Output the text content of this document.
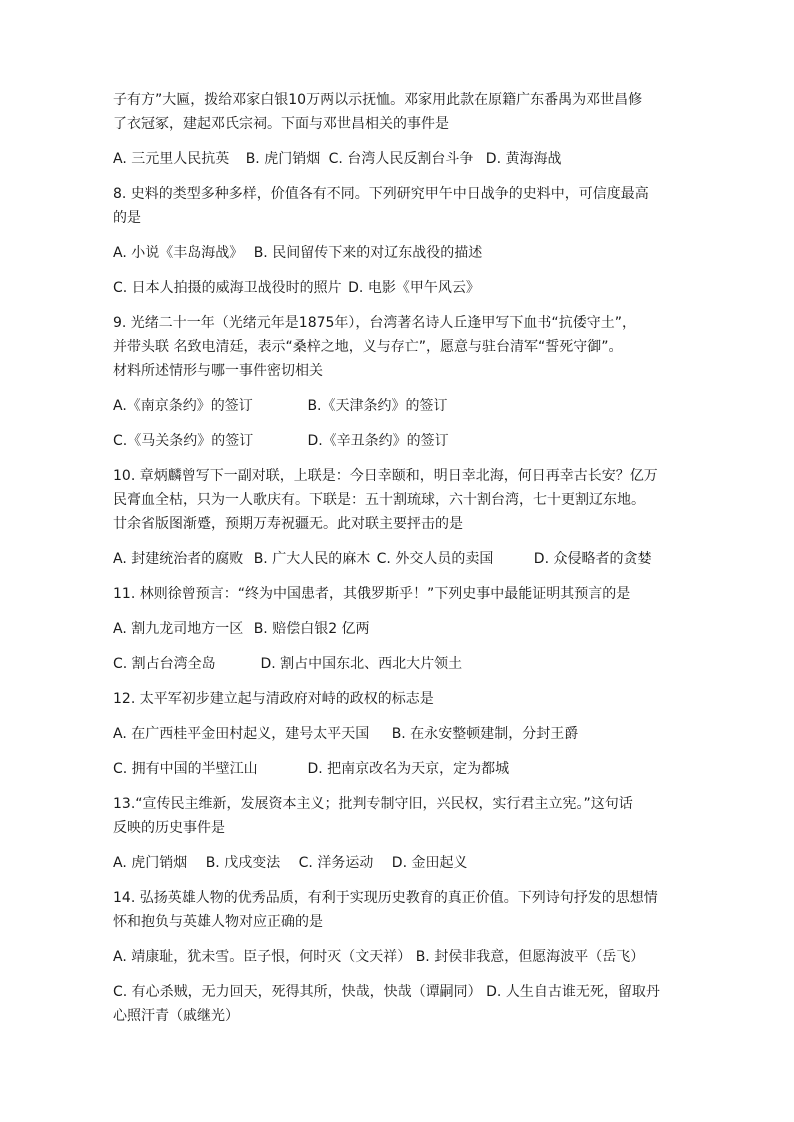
子有方”大匾，拨给邓家白银10万两以示抚恤。邓家用此款在原籍广东番禺为邓世昌修
了衣冠冢，建起邓氏宗祠。下面与邓世昌相关的事件是
A. 三元里人民抗英 B. 虎门销烟 C. 台湾人民反割台斗争 D. 黄海海战
8. 史料的类型多种多样，价值各有不同。下列研究甲午中日战争的史料中，可信度最高
的是
A. 小说《丰岛海战》 B. 民间留传下来的对辽东战役的描述
C. 日本人拍摄的威海卫战役时的照片 D. 电影《甲午风云》
9. 光绪二十一年（光绪元年是1875年），台湾著名诗人丘逢甲写下血书“抗倭守土”，
并带头联 名致电清廷，表示“桑梓之地，义与存亡”，愿意与驻台清军“誓死守御”。
材料所述情形与哪一事件密切相关
A.《南京条约》的签订	B.《天津条约》的签订
C.《马关条约》的签订	D.《辛丑条约》的签订
10. 章炳麟曾写下一副对联，上联是：今日幸颐和，明日幸北海，何日再幸古长安？亿万
民膏血全枯，只为一人歌庆有。下联是：五十割琉球，六十割台湾，七十更割辽东地。
廿余省版图渐蹙，预期万寿祝疆无。此对联主要抨击的是
A. 封建统治者的腐败 B. 广大人民的麻木 C. 外交人员的卖国	D. 众侵略者的贪婪
11. 林则徐曾预言：“终为中国患者，其俄罗斯乎！”下列史事中最能证明其预言的是
A. 割九龙司地方一区 B. 赔偿白银2 亿两
C. 割占台湾全岛	D. 割占中国东北、西北大片领土
12. 太平军初步建立起与清政府对峙的政权的标志是
A. 在广西桂平金田村起义，建号太平天国 B. 在永安整顿建制，分封王爵
C. 拥有中国的半壁江山	D. 把南京改名为天京，定为都城
13.“宣传民主维新，发展资本主义；批判专制守旧，兴民权，实行君主立宪。”这句话
反映的历史事件是
A. 虎门销烟 B. 戊戌变法 C. 洋务运动 D. 金田起义
14. 弘扬英雄人物的优秀品质，有利于实现历史教育的真正价值。下列诗句抒发的思想情
怀和抱负与英雄人物对应正确的是
A. 靖康耻，犹未雪。臣子恨，何时灭（文天祥） B. 封侯非我意，但愿海波平（岳飞）
C. 有心杀贼，无力回天，死得其所，快哉，快哉（谭嗣同） D. 人生自古谁无死，留取丹
心照汗青（戚继光）
